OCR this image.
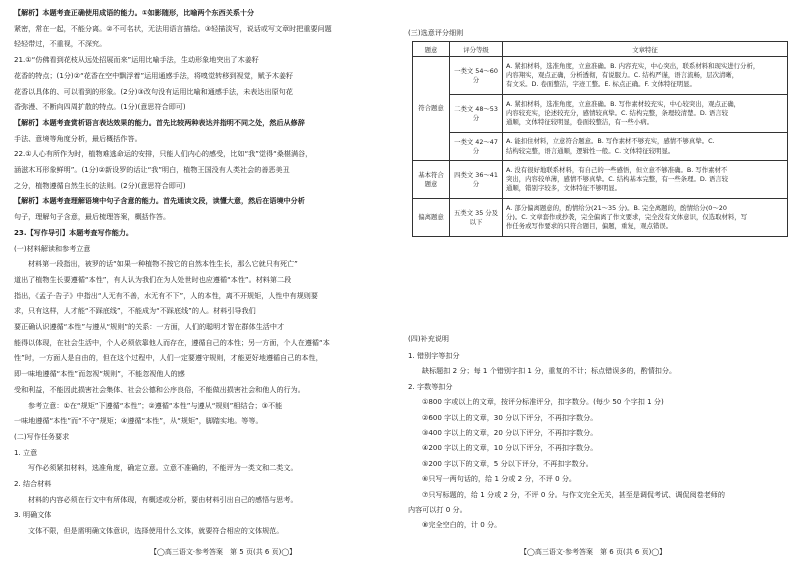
【解析】本题考查正确使用成语的能力。①如影随形，比喻两个东西关系十分
紧密，常在一起，不能分离。②不可名状，无法用语言描绘。③轻描淡写，说话或写文章时把重要问题
轻轻带过，不重视，不深究。
21.①“仿佛看到花枝从远处招展而来”运用比喻手法，生动形象地突出了木姜籽
花香的特点；(1分)②“花香在空中飘浮着”运用通感手法，将嗅觉转移到视觉，赋予木姜籽
花香以具体的、可以看到的形象。(2分)③改句没有运用比喻和通感手法，未表达出原句花
香弥漫、不断向四周扩散的特点。(1分)(意思符合即可)
【解析】本题考查赏析语言表达效果的能力。首先比较两种表达并指明不同之处，然后从修辞
手法、意境等角度分析，最后概括作答。
22.①人心有所作为时，植物难逃命运的安排，只能人们内心的感受，比如“我”觉得“桑椹满谷，
涵滋木耳形象鲜明”。(1分)②新设罗的话让“我”明白，植物王国没有人类社会的善恶美丑
之分，植物遵循自然生长的法则。(2分)(意思符合即可)
【解析】本题考查理解语境中句子含意的能力。首先通读文段，读懂大意，然后在语境中分析
句子，理解句子含意，最后梳理答案，概括作答。
23.【写作导引】本题考查写作能力。
(一)材料解读和参考立意
材料第一段指出，被罗的话“如果一种植物不按它的自然本性生长，那么它就只有死亡”
道出了植物生长要遵循“本性”，有人认为我们在为人处世时也应遵循“本性”。材料第二段
指出，《孟子·告子》中指出“人无有不善，水无有不下”，人的本性，离不开规矩，人性中有规则要
求，只有这样，人才能“不踩底线”，不能成为“不踩底线”的人。材料引导我们
要正确认识遵循“本性”与遵从“规则”的关系：一方面，人们的聪明才智在群体生活中才
能得以体现，在社会生活中，个人必须依靠他人而存在，遵循自己的本性；另一方面，个人在遵循“本
性”时，一方面人是自由的，但在这个过程中，人们一定要遵守规则，才能更好地遵循自己的本性，
即一味地遵循“本性”而忽视“规则”，不能忽视他人的感
受和利益，不能因此损害社会集体、社会公德和公序良俗，不能做出损害社会和他人的行为。
参考立意：①在“规矩”下遵循“本性”；②遵循“本性”与遵从“规则”相结合；③不能
一味地遵循“本性”而“不守”规矩；④遵循“本性”，从“规矩”，脚踏实地。等等。
(二)写作任务要求
1. 立意
写作必须紧扣材料，选准角度，确定立意。立意不准确的，不能评为一类文和二类文。
2. 结合材料
材料的内容必须在行文中有所体现，有概述或分析，要由材料引出自己的感悟与思考。
3. 明确文体
文体不限，但是需明确文体意识，选择使用什么文体，就要符合相应的文体规范。
(三)选意评分细则
题意	评分等级	文章特征
符合题意	一类文 54～60 分	A. 紧扣材料，选准角度，立意准确。B. 内容充实，中心突出，联系材料和现实进行分析，
内容翔实，观点正确，分析透彻，有说服力。C. 结构严谨，语言流畅，层次清晰，
有文采。D. 卷面整洁，字迹工整。E. 标点正确。F. 文体特征明显。

	二类文 48～53 分	A. 紧扣材料，选准角度，立意准确。B. 写作素材较充实，中心较突出，观点正确，
内容较充实，论述较充分，感情较真挚。C. 结构完整，条理较清楚。D. 语言较
通顺，文体特征较明显，卷面较整洁，有一些小病。

	一类文 42～47 分	A. 能扣住材料，立意符合题意。B. 写作素材不够充实，感情不够真挚。C.
结构较完整，语言通顺，逻辑性一般。C. 文体特征较明显。

基本符合题意	四类文 36～41 分	A. 没有很好地联系材料，有自己的一些感悟，但立意不够准确。B. 写作素材不
突出，内容较单薄，感情不够真挚。C. 结构基本完整，有一些条理。D. 语言较
通顺，错别字较多，文体特征不够明显。

偏离题意	五类文 35 分及以下	A. 部分偏离题意的，酌情给分(21～35 分)。B. 完全离题的，酌情给分(0～20
分)。C. 文章套作或抄袭，完全偏离了作文要求，完全没有文体意识，仅选取材料，写
作任务或写作要求的只符合题目，偏题，重复，观点错误。
(四)补充说明
1. 错别字等扣分
缺标题扣 2 分；每 1 个错别字扣 1 分，重复的不计；标点错误多的，酌情扣分。
2. 字数等扣分
①800 字或以上的文章，按评分标准评分，扣字数分。(每少 50 个字扣 1 分)
②600 字以上的文章，30 分以下评分，不再扣字数分。
③400 字以上的文章，20 分以下评分，不再扣字数分。
④200 字以上的文章，10 分以下评分，不再扣字数分。
⑤200 字以下的文章，5 分以下评分，不再扣字数分。
⑥只写一两句话的，给 1 分或 2 分，不评 0 分。
⑦只写标题的，给 1 分或 2 分，不评 0 分。与作文完全无关，甚至是调侃考试、调侃阅卷老师的
内容可以打 0 分。
⑧完全空白的，计 0 分。
【◯高三语文·参考答案　第 5 页(共 6 页)◯】	【◯高三语文·参考答案　第 6 页(共 6 页)◯】
